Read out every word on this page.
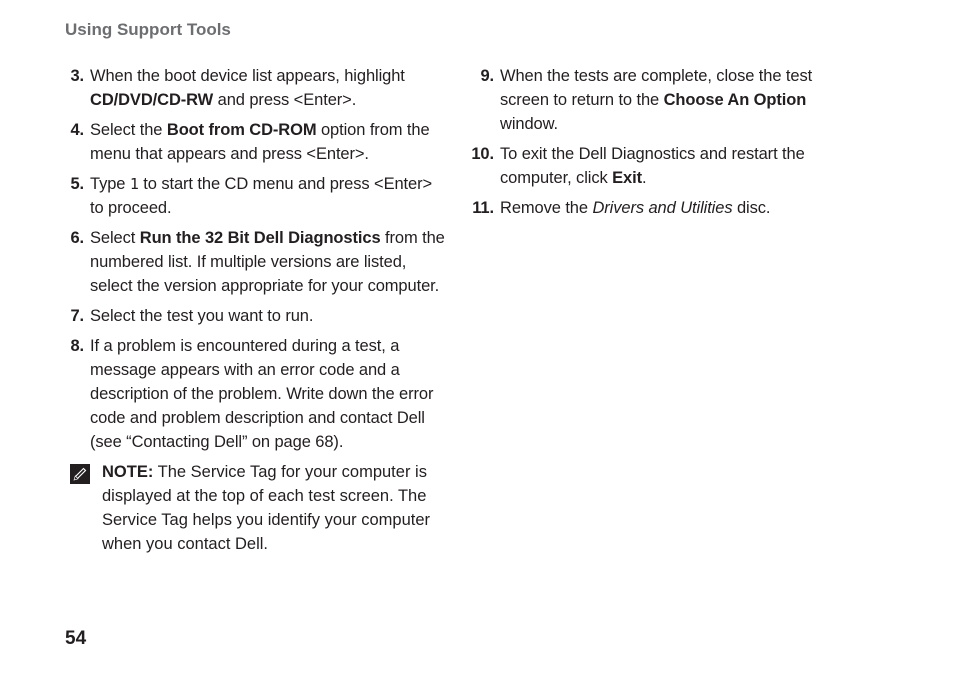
Using Support Tools
3. When the boot device list appears, highlight CD/DVD/CD-RW and press <Enter>.
4. Select the Boot from CD-ROM option from the menu that appears and press <Enter>.
5. Type 1 to start the CD menu and press <Enter> to proceed.
6. Select Run the 32 Bit Dell Diagnostics from the numbered list. If multiple versions are listed, select the version appropriate for your computer.
7. Select the test you want to run.
8. If a problem is encountered during a test, a message appears with an error code and a description of the problem. Write down the error code and problem description and contact Dell (see “Contacting Dell” on page 68).
NOTE: The Service Tag for your computer is displayed at the top of each test screen. The Service Tag helps you identify your computer when you contact Dell.
9. When the tests are complete, close the test screen to return to the Choose An Option window.
10. To exit the Dell Diagnostics and restart the computer, click Exit.
11. Remove the Drivers and Utilities disc.

54
